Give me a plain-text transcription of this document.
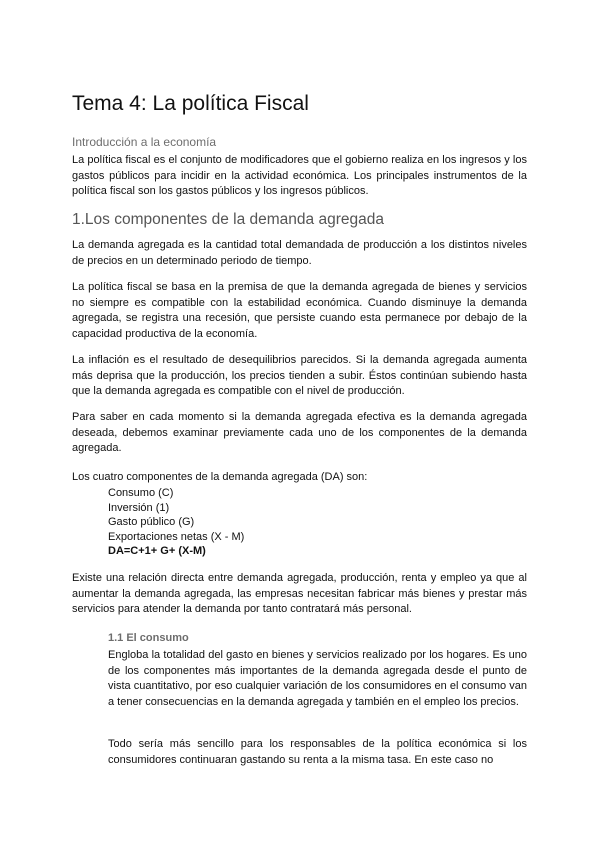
Tema 4: La política Fiscal

Introducción a la economía

La política fiscal es el conjunto de modificadores que el gobierno realiza en los ingresos y los gastos públicos para incidir en la actividad económica. Los principales instrumentos de la política fiscal son los gastos públicos y los ingresos públicos.

1.Los componentes de la demanda agregada

La demanda agregada es la cantidad total demandada de producción a los distintos niveles de precios en un determinado periodo de tiempo.

La política fiscal se basa en la premisa de que la demanda agregada de bienes y servicios no siempre es compatible con la estabilidad económica. Cuando disminuye la demanda agregada, se registra una recesión, que persiste cuando esta permanece por debajo de la capacidad productiva de la economía.

La inflación es el resultado de desequilibrios parecidos. Si la demanda agregada aumenta más deprisa que la producción, los precios tienden a subir. Éstos continúan subiendo hasta que la demanda agregada es compatible con el nivel de producción.

Para saber en cada momento si la demanda agregada efectiva es la demanda agregada deseada, debemos examinar previamente cada uno de los componentes de la demanda agregada.

Los cuatro componentes de la demanda agregada (DA) son:

Consumo (C)
Inversión (1)
Gasto público (G)
Exportaciones netas (X - M)
DA=C+1+ G+ (X-M)

Existe una relación directa entre demanda agregada, producción, renta y empleo ya que al aumentar la demanda agregada, las empresas necesitan fabricar más bienes y prestar más servicios para atender la demanda por tanto contratará más personal.

1.1 El consumo

Engloba la totalidad del gasto en bienes y servicios realizado por los hogares. Es uno de los componentes más importantes de la demanda agregada desde el punto de vista cuantitativo, por eso cualquier variación de los consumidores en el consumo van a tener consecuencias en la demanda agregada y también en el empleo los precios.

Todo sería más sencillo para los responsables de la política económica si los consumidores continuaran gastando su renta a la misma tasa. En este caso no
